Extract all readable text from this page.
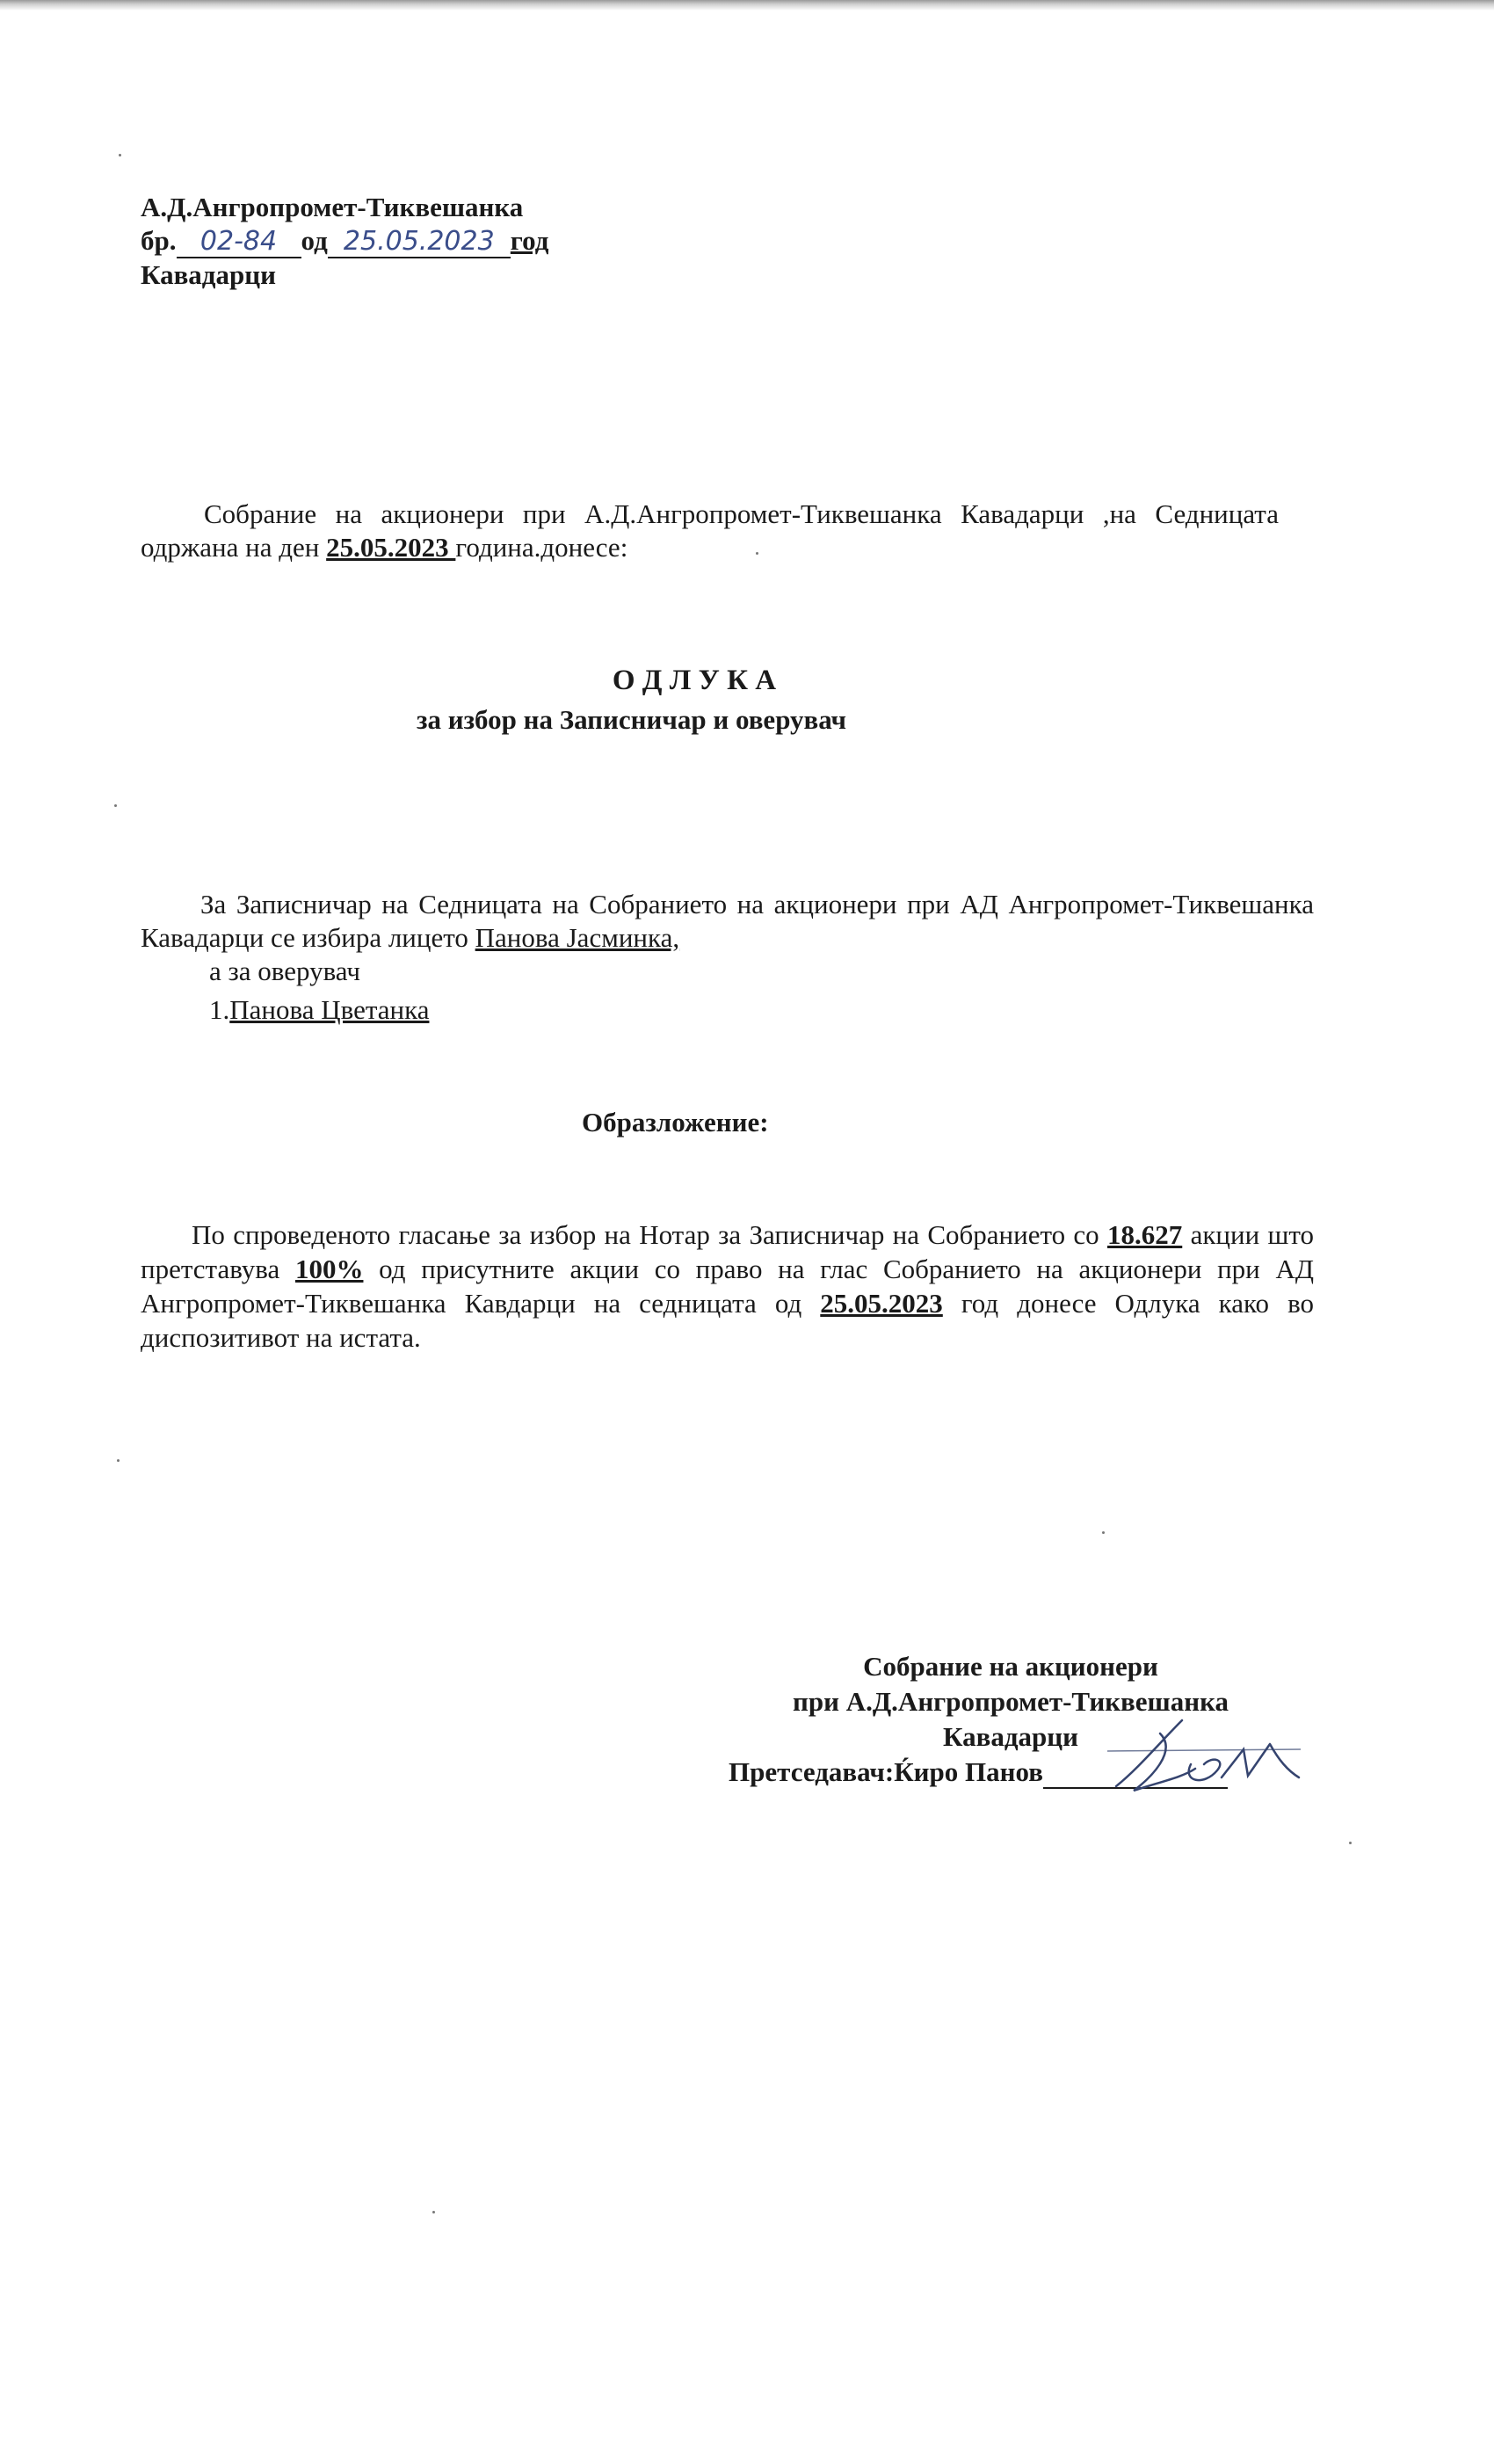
А.Д.Ангропромет-Тиквешанка
бр. 02-84 од 25.05.2023 год
Кавадарци
Собрание на акционери при А.Д.Ангропромет-Тиквешанка Кавадарци ,на Седницата одржана на ден 25.05.2023 година.донесе:
О Д Л У К А
за избор на Записничар и оверувач
За Записничар на Седницата на Собранието на акционери при АД Ангропромет-Тиквешанка Кавадарци се избира лицето Панова Јасминка,
а за оверувач
1.Панова Цветанка
Образложение:
По спроведеното гласање за избор на Нотар за Записничар на Собранието со 18.627 акции што претставува 100% од присутните акции со право на глас Собранието на акционери при АД Ангропромет-Тиквешанка Кавдарци на седницата од 25.05.2023 год донесе Одлука како во диспозитивот на истата.
Собрание на акционери
при А.Д.Ангропромет-Тиквешанка
Кавадарци
Претседавач:Ќиро Панов
